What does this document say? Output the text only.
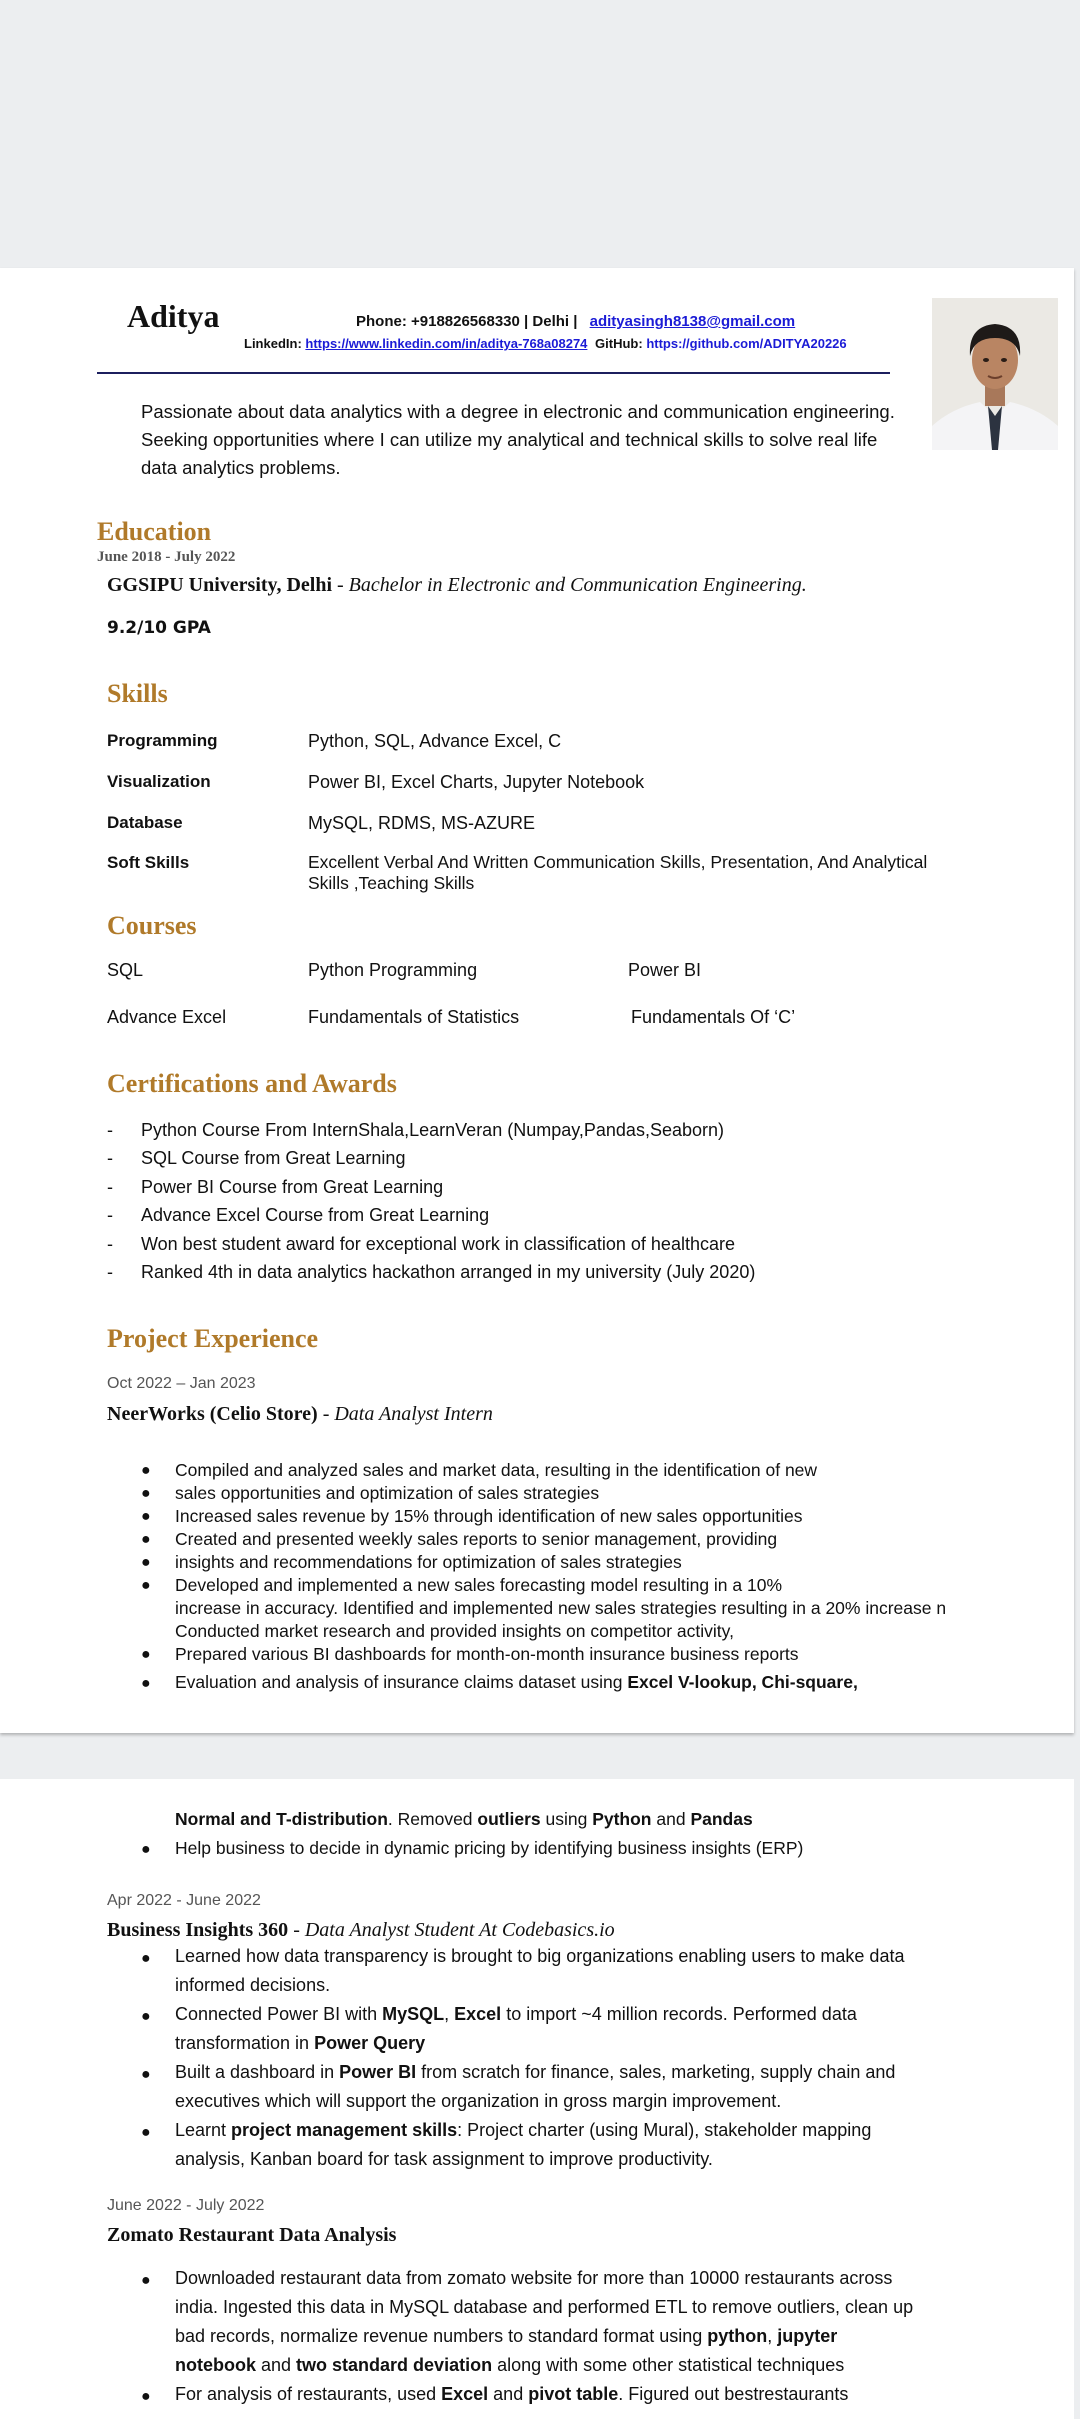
Aditya	Phone: +918826568330 | Delhi | adityasingh8138@gmail.com
LinkedIn: https://www.linkedin.com/in/aditya-768a08274 GitHub: https://github.com/ADITYA20226
Passionate about data analytics with a degree in electronic and communication engineering. Seeking opportunities where I can utilize my analytical and technical skills to solve real life data analytics problems.
Education
June 2018 - July 2022
GGSIPU University, Delhi - Bachelor in Electronic and Communication Engineering.
9.2/10 GPA
Skills
Programming	Python, SQL, Advance Excel, C
Visualization	Power BI, Excel Charts, Jupyter Notebook
Database	MySQL, RDMS, MS-AZURE
Soft Skills	Excellent Verbal And Written Communication Skills, Presentation, And Analytical Skills ,Teaching Skills
Courses
SQL	Python Programming	Power BI
Advance Excel	Fundamentals of Statistics	Fundamentals Of ‘C’
Certifications and Awards
- Python Course From InternShala,LearnVeran (Numpay,Pandas,Seaborn)
- SQL Course from Great Learning
- Power BI Course from Great Learning
- Advance Excel Course from Great Learning
- Won best student award for exceptional work in classification of healthcare
- Ranked 4th in data analytics hackathon arranged in my university (July 2020)
Project Experience
Oct 2022 – Jan 2023
NeerWorks (Celio Store) - Data Analyst Intern
● Compiled and analyzed sales and market data, resulting in the identification of new
● sales opportunities and optimization of sales strategies
● Increased sales revenue by 15% through identification of new sales opportunities
● Created and presented weekly sales reports to senior management, providing
● insights and recommendations for optimization of sales strategies
● Developed and implemented a new sales forecasting model resulting in a 10%
increase in accuracy. Identified and implemented new sales strategies resulting in a 20% increase n
Conducted market research and provided insights on competitor activity,
● Prepared various BI dashboards for month-on-month insurance business reports
● Evaluation and analysis of insurance claims dataset using Excel V-lookup, Chi-square,
Normal and T-distribution. Removed outliers using Python and Pandas
● Help business to decide in dynamic pricing by identifying business insights (ERP)
Apr 2022 - June 2022
Business Insights 360 - Data Analyst Student At Codebasics.io
● Learned how data transparency is brought to big organizations enabling users to make data informed decisions.
● Connected Power BI with MySQL, Excel to import ~4 million records. Performed data transformation in Power Query
● Built a dashboard in Power BI from scratch for finance, sales, marketing, supply chain and executives which will support the organization in gross margin improvement.
● Learnt project management skills: Project charter (using Mural), stakeholder mapping analysis, Kanban board for task assignment to improve productivity.
June 2022 - July 2022
Zomato Restaurant Data Analysis
● Downloaded restaurant data from zomato website for more than 10000 restaurants across india. Ingested this data in MySQL database and performed ETL to remove outliers, clean up bad records, normalize revenue numbers to standard format using python, jupyter notebook and two standard deviation along with some other statistical techniques
● For analysis of restaurants, used Excel and pivot table. Figured out bestrestaurants
